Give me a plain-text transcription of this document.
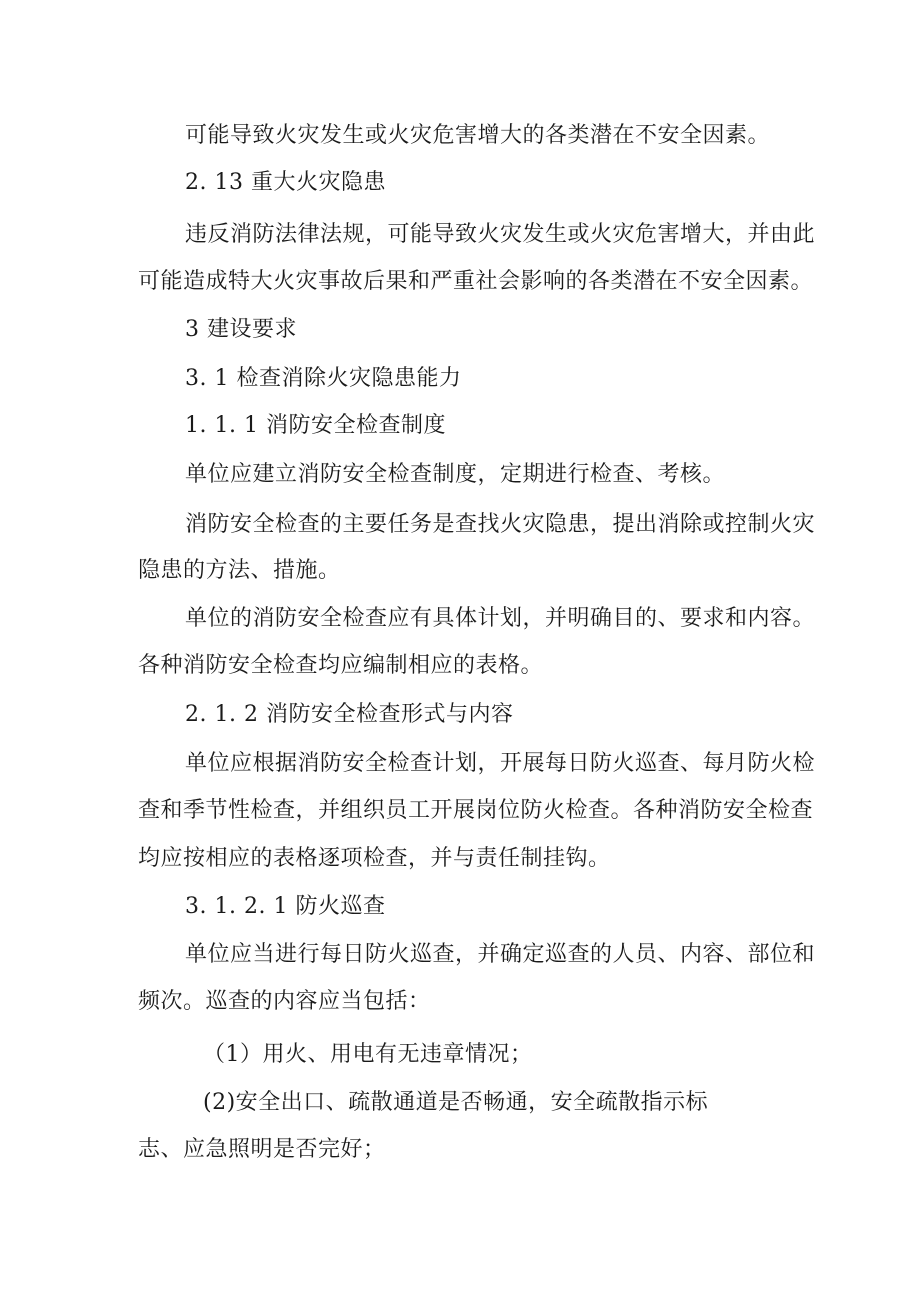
可能导致火灾发生或火灾危害增大的各类潜在不安全因素。
2. 13 重大火灾隐患
违反消防法律法规，可能导致火灾发生或火灾危害增大，并由此
可能造成特大火灾事故后果和严重社会影响的各类潜在不安全因素。
3 建设要求
3. 1 检查消除火灾隐患能力
1. 1. 1 消防安全检查制度
单位应建立消防安全检查制度，定期进行检查、考核。
消防安全检查的主要任务是查找火灾隐患，提出消除或控制火灾
隐患的方法、措施。
单位的消防安全检查应有具体计划，并明确目的、要求和内容。
各种消防安全检查均应编制相应的表格。
2. 1. 2 消防安全检查形式与内容
单位应根据消防安全检查计划，开展每日防火巡查、每月防火检
查和季节性检查，并组织员工开展岗位防火检查。各种消防安全检查
均应按相应的表格逐项检查，并与责任制挂钩。
3. 1. 2. 1 防火巡查
单位应当进行每日防火巡查，并确定巡查的人员、内容、部位和
频次。巡查的内容应当包括：
（1）用火、用电有无违章情况；
(2)安全出口、疏散通道是否畅通，安全疏散指示标
志、应急照明是否完好；
